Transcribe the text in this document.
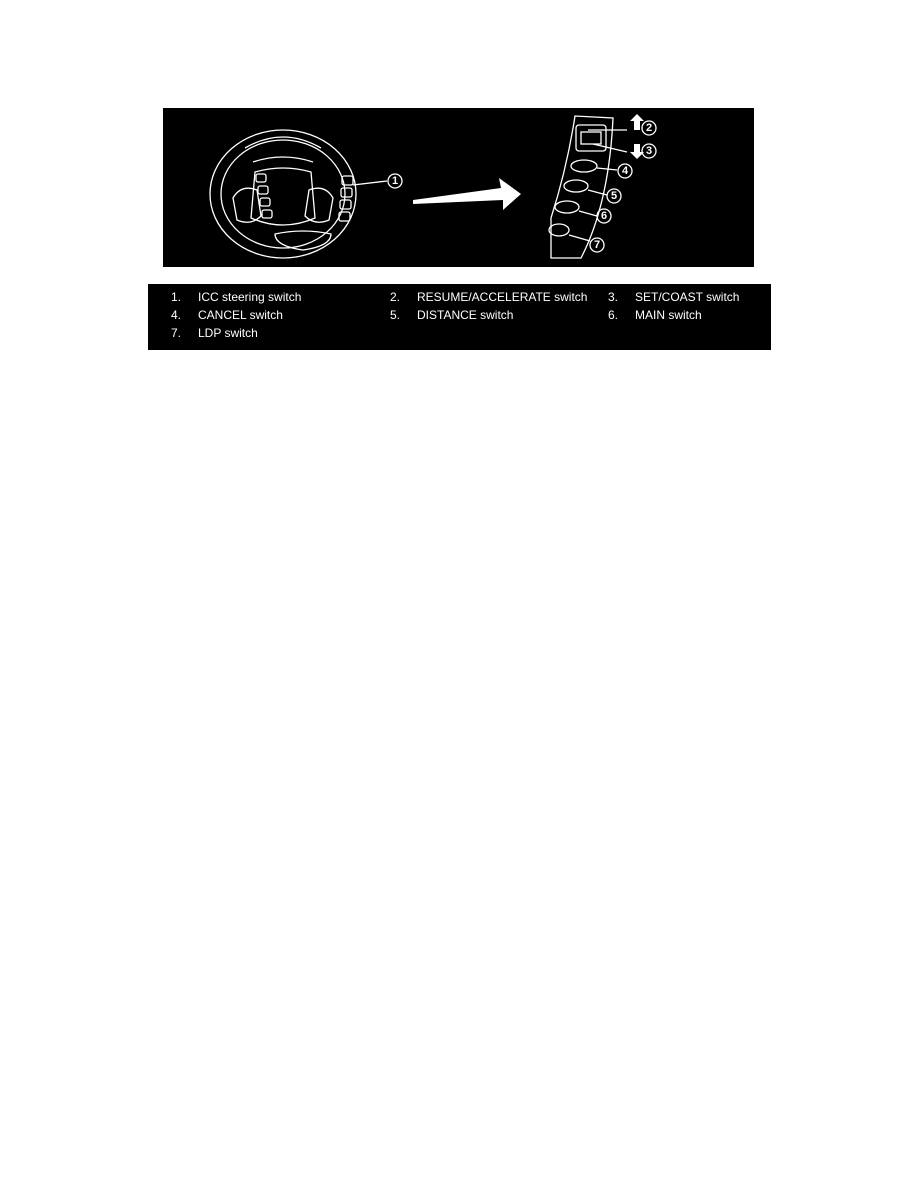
1
2
3
4
5
6
7
1.	ICC steering switch	2.	RESUME/ACCELERATE switch 3.	SET/COAST switch
4.	CANCEL switch	5.	DISTANCE switch	6.	MAIN switch
7.	LDP switch
